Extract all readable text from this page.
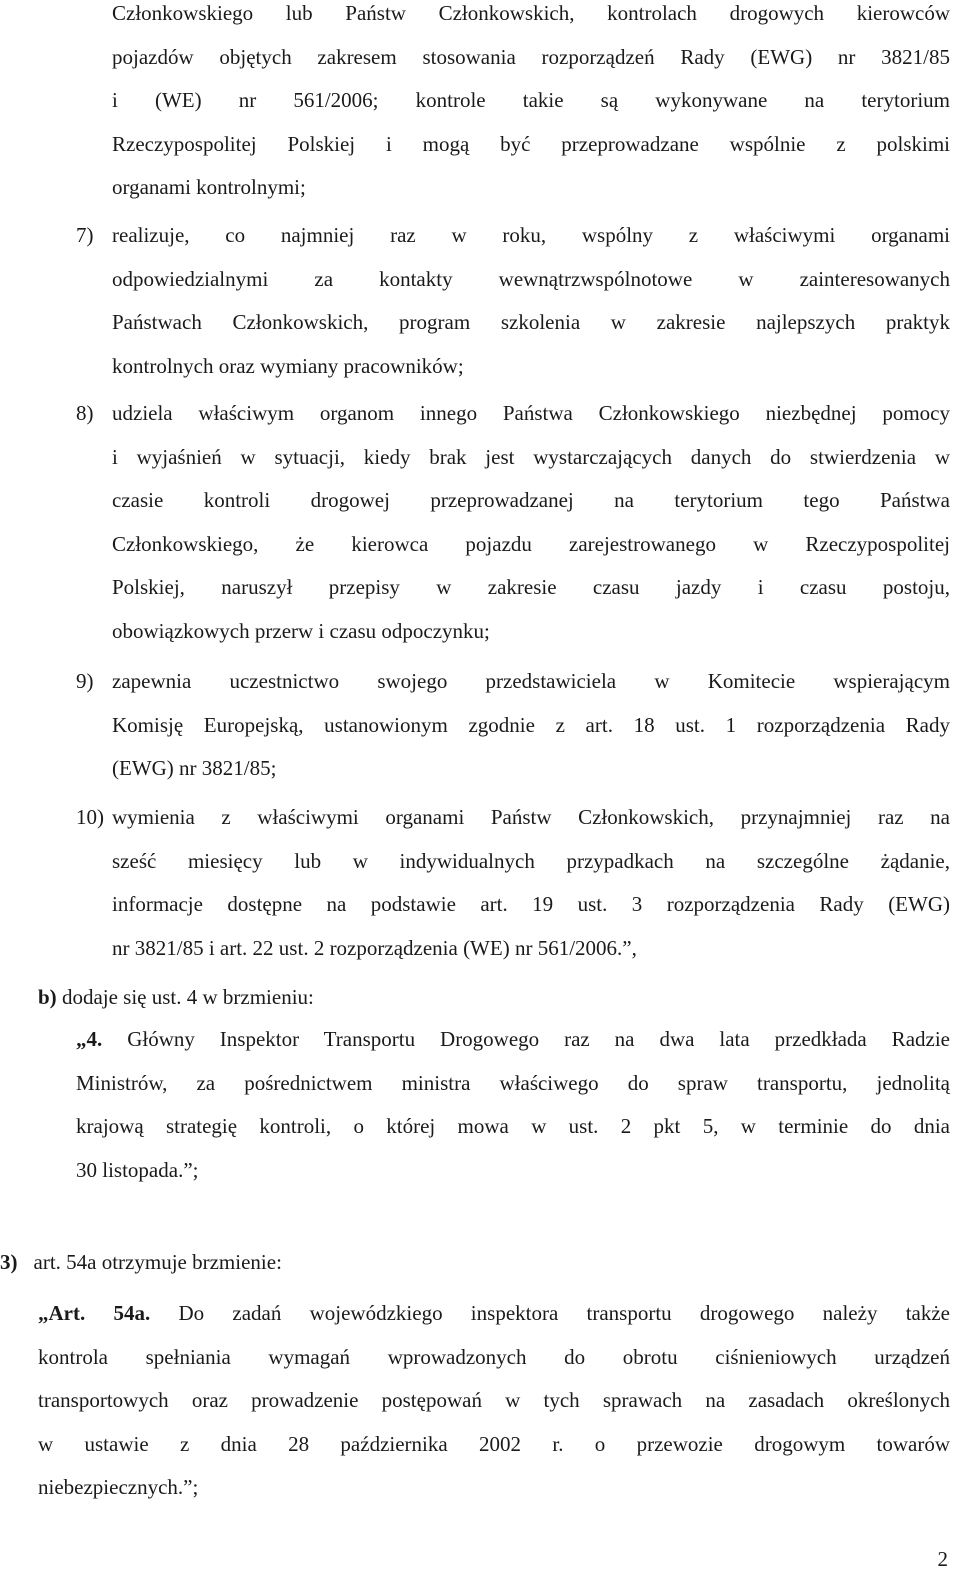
Członkowskiego lub Państw Członkowskich, kontrolach drogowych kierowców
pojazdów objętych zakresem stosowania rozporządzeń Rady (EWG) nr 3821/85
i (WE) nr 561/2006; kontrole takie są wykonywane na terytorium
Rzeczypospolitej Polskiej i mogą być przeprowadzane wspólnie z polskimi
organami kontrolnymi;
7) realizuje, co najmniej raz w roku, wspólny z właściwymi organami
odpowiedzialnymi za kontakty wewnątrzwspólnotowe w zainteresowanych
Państwach Członkowskich, program szkolenia w zakresie najlepszych praktyk
kontrolnych oraz wymiany pracowników;
8) udziela właściwym organom innego Państwa Członkowskiego niezbędnej pomocy
i wyjaśnień w sytuacji, kiedy brak jest wystarczających danych do stwierdzenia w
czasie kontroli drogowej przeprowadzanej na terytorium tego Państwa
Członkowskiego, że kierowca pojazdu zarejestrowanego w Rzeczypospolitej
Polskiej, naruszył przepisy w zakresie czasu jazdy i czasu postoju,
obowiązkowych przerw i czasu odpoczynku;
9) zapewnia uczestnictwo swojego przedstawiciela w Komitecie wspierającym
Komisję Europejską, ustanowionym zgodnie z art. 18 ust. 1 rozporządzenia Rady
(EWG) nr 3821/85;
10) wymienia z właściwymi organami Państw Członkowskich, przynajmniej raz na
sześć miesięcy lub w indywidualnych przypadkach na szczególne żądanie,
informacje dostępne na podstawie art. 19 ust. 3 rozporządzenia Rady (EWG)
nr 3821/85 i art. 22 ust. 2 rozporządzenia (WE) nr 561/2006.”,
b) dodaje się ust. 4 w brzmieniu:
„4. Główny Inspektor Transportu Drogowego raz na dwa lata przedkłada Radzie
Ministrów, za pośrednictwem ministra właściwego do spraw transportu, jednolitą
krajową strategię kontroli, o której mowa w ust. 2 pkt 5, w terminie do dnia
30 listopada.”;
3) art. 54a otrzymuje brzmienie:
„Art. 54a. Do zadań wojewódzkiego inspektora transportu drogowego należy także
kontrola spełniania wymagań wprowadzonych do obrotu ciśnieniowych urządzeń
transportowych oraz prowadzenie postępowań w tych sprawach na zasadach określonych
w ustawie z dnia 28 października 2002 r. o przewozie drogowym towarów
niebezpiecznych.”;
2
